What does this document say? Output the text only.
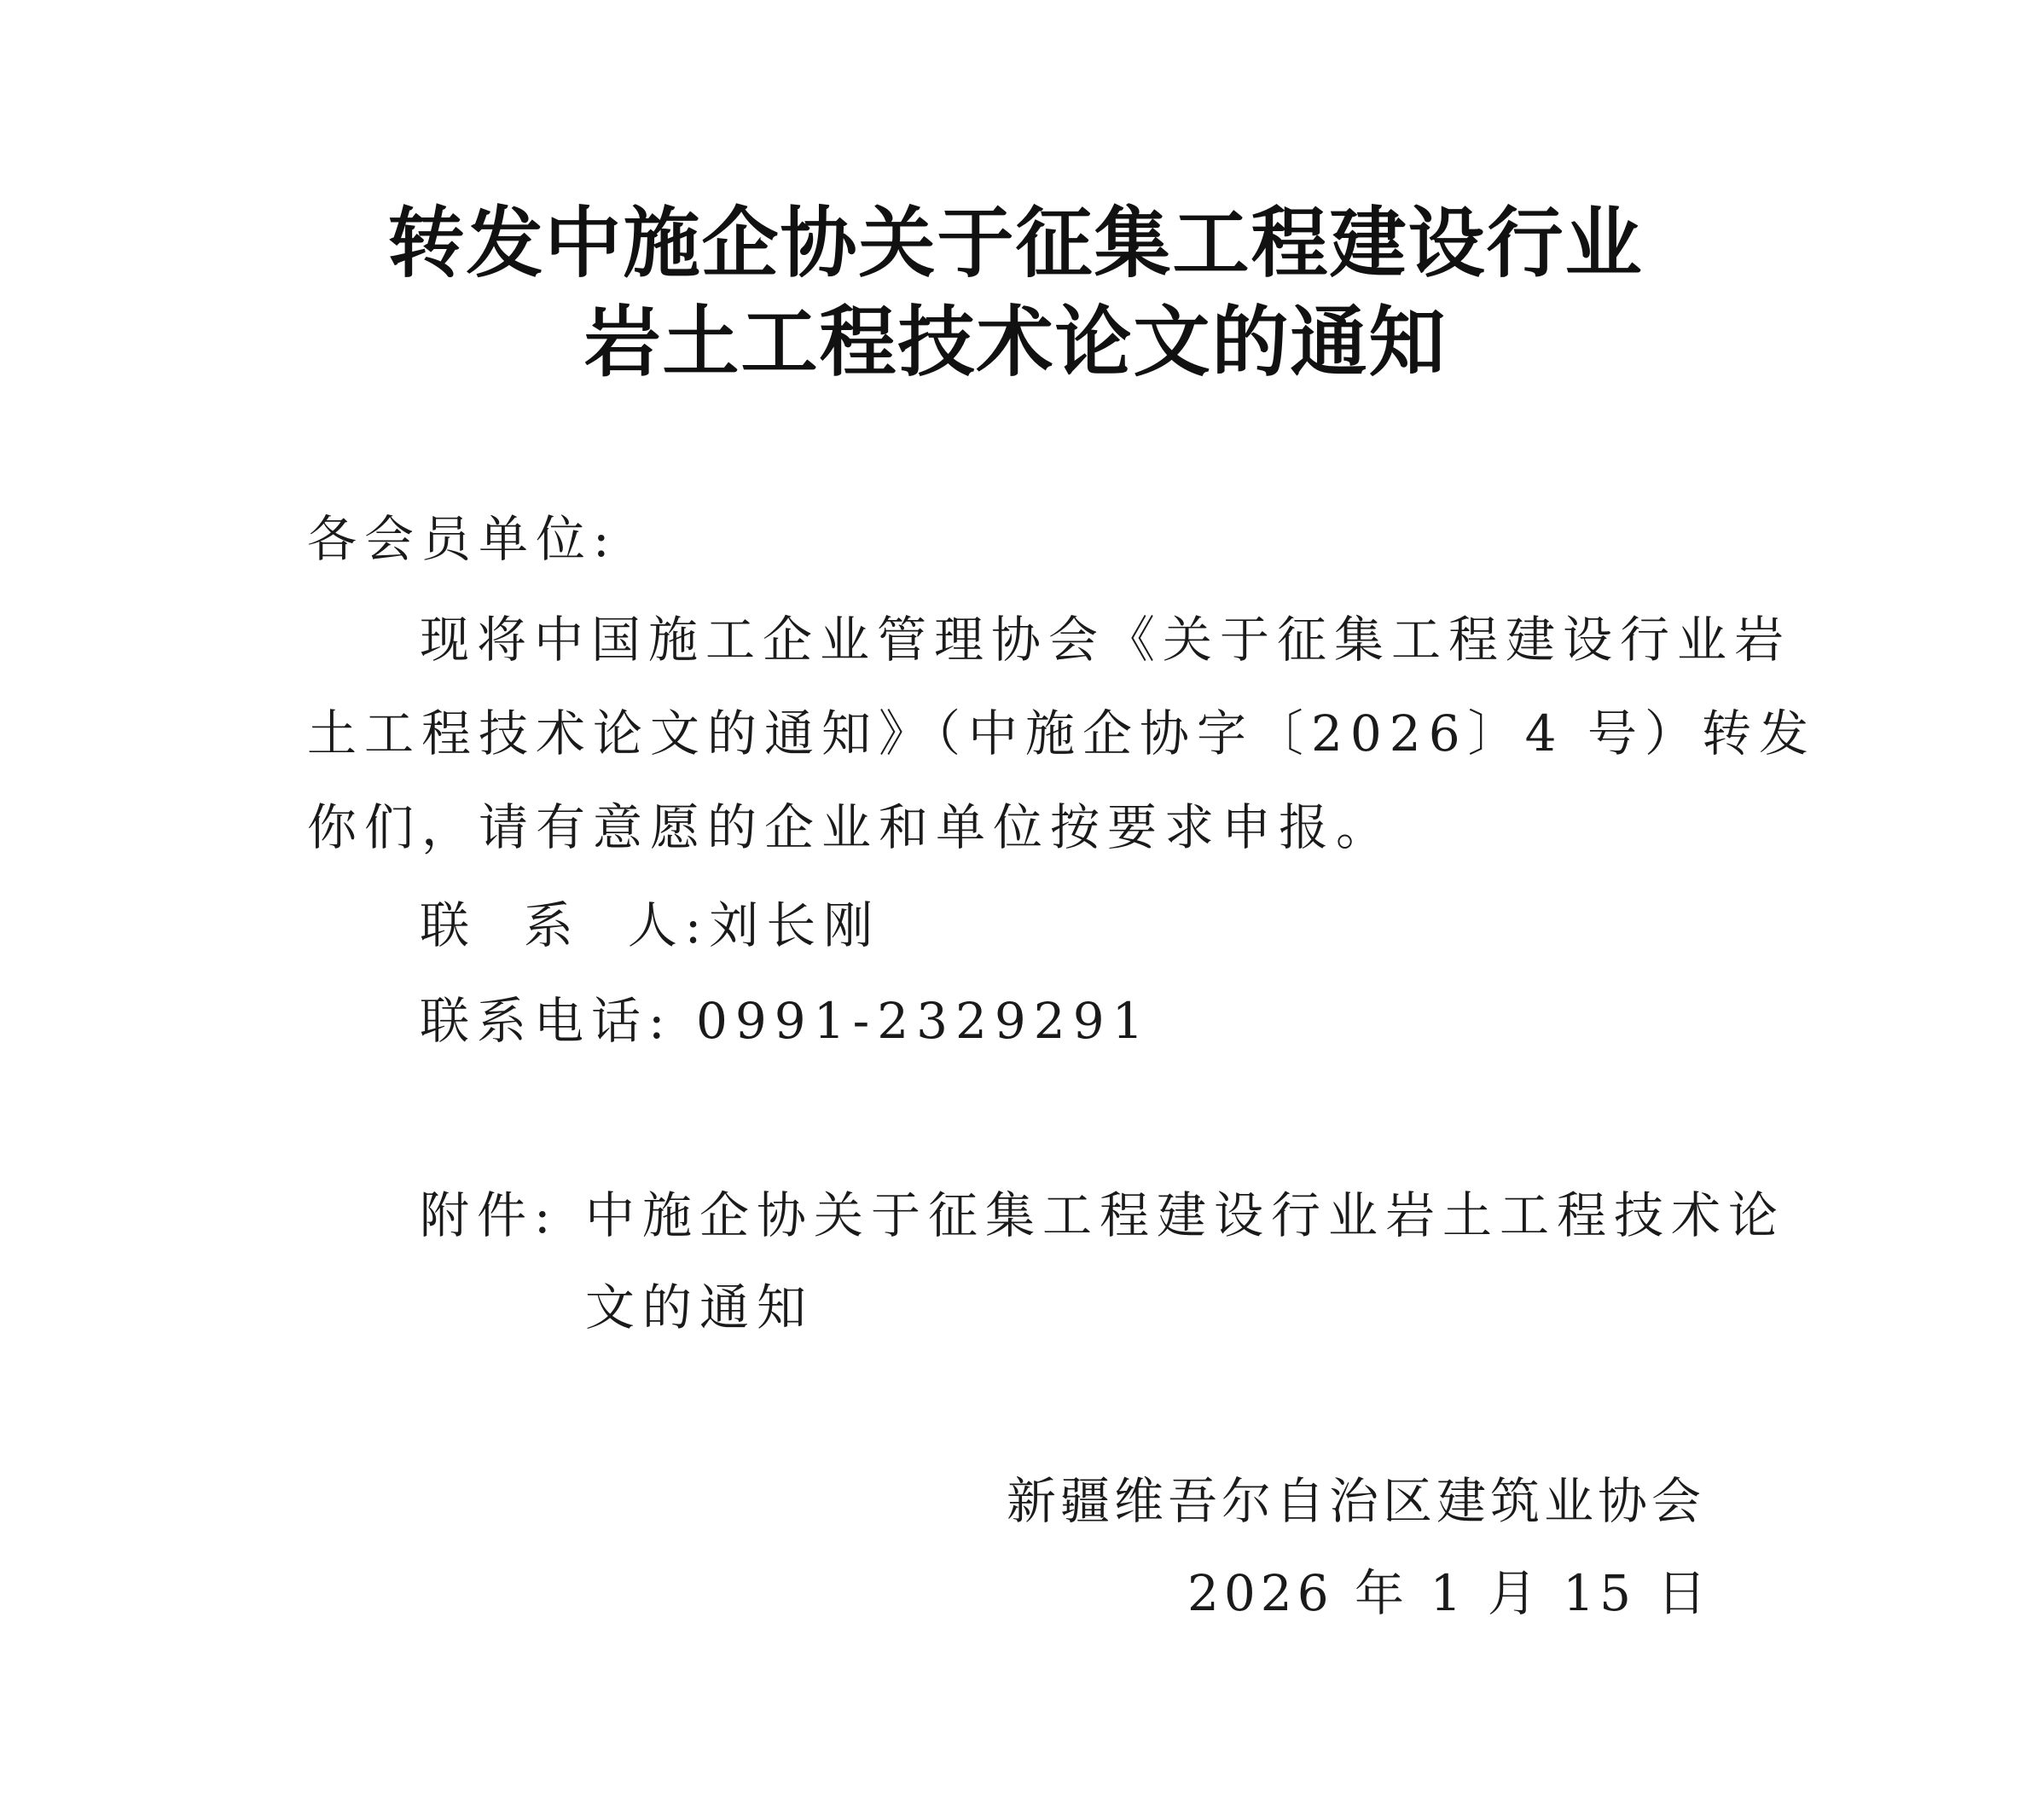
转发中施企协关于征集工程建设行业
岩土工程技术论文的通知
各会员单位:
现将中国施工企业管理协会《关于征集工程建设行业岩
土工程技术论文的通知》（中施企协字〔2026〕4 号）转发
你们，请有意愿的企业和单位按要求申报。
联  系  人:刘长刚
联系电话: 0991-2329291
附件: 中施企协关于征集工程建设行业岩土工程技术论
文的通知
新疆维吾尔自治区建筑业协会
2026 年 1 月 15 日
